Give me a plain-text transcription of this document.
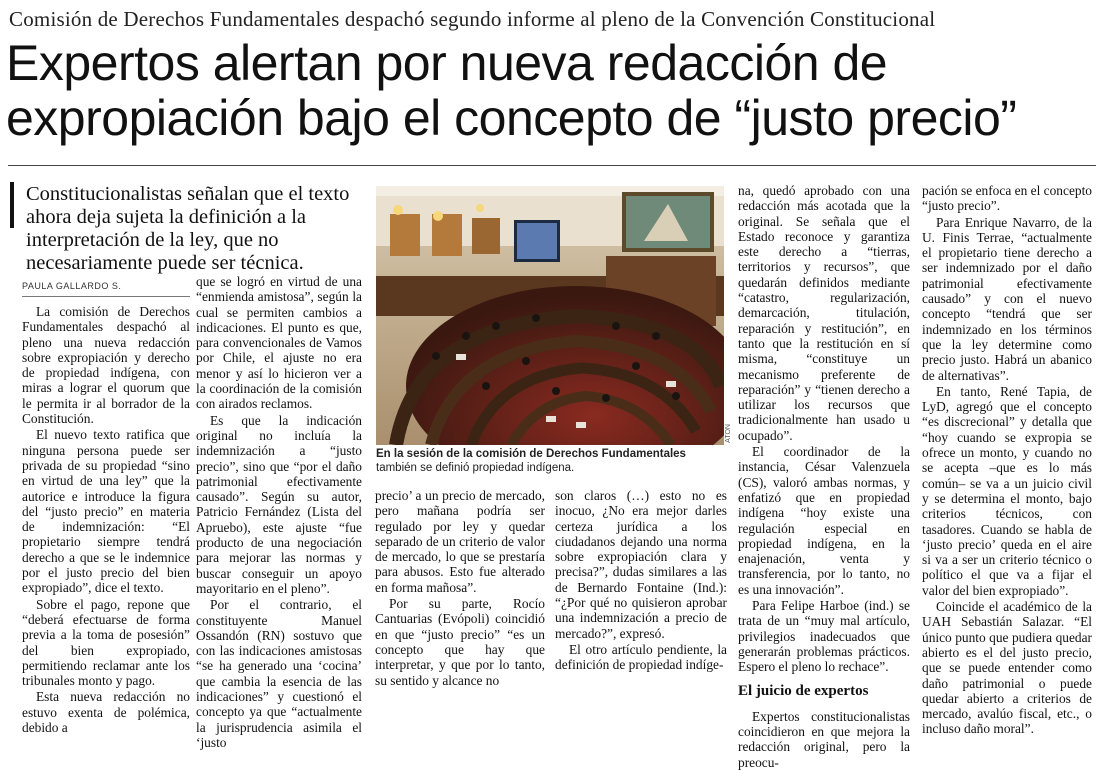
Comisión de Derechos Fundamentales despachó segundo informe al pleno de la Convención Constitucional
Expertos alertan por nueva redacción de
expropiación bajo el concepto de “justo precio”
Constitucionalistas señalan que el texto ahora deja sujeta la definición a la interpretación de la ley, que no necesariamente puede ser técnica.
PAULA GALLARDO S.

La comisión de Derechos Fundamentales despachó al pleno una nueva redacción sobre expropiación y derecho de propiedad indígena, con miras a lograr el quorum que le permita ir al borrador de la Constitución.

El nuevo texto ratifica que ninguna persona puede ser privada de su propiedad “sino en virtud de una ley” que la autorice e introduce la figura del “justo precio” en materia de indemnización: “El propietario siempre tendrá derecho a que se le indemnice por el justo precio del bien expropiado”, dice el texto.

Sobre el pago, repone que “deberá efectuarse de forma previa a la toma de posesión” del bien expropiado, permitiendo reclamar ante los tribunales monto y pago.

Esta nueva redacción no estuvo exenta de polémica, debido a

que se logró en virtud de una “enmienda amistosa”, según la cual se permiten cambios a indicaciones. El punto es que, para convencionales de Vamos por Chile, el ajuste no era menor y así lo hicieron ver a la coordinación de la comisión con airados reclamos.

Es que la indicación original no incluía la indemnización a “justo precio”, sino que “por el daño patrimonial efectivamente causado”. Según su autor, Patricio Fernández (Lista del Apruebo), este ajuste “fue producto de una negociación para mejorar las normas y buscar conseguir un apoyo mayoritario en el pleno”.

Por el contrario, el constituyente Manuel Ossandón (RN) sostuvo que con las indicaciones amistosas “se ha generado una ‘cocina’ que cambia la esencia de las indicaciones” y cuestionó el concepto ya que “actualmente la jurisprudencia asimila el ‘justo

ATON
En la sesión de la comisión de Derechos Fundamentales también se definió propiedad indígena.

precio’ a un precio de mercado, pero mañana podría ser regulado por ley y quedar separado de un criterio de valor de mercado, lo que se prestaría para abusos. Esto fue alterado en forma mañosa”.

Por su parte, Rocío Cantuarias (Evópoli) coincidió en que “justo precio” “es un concepto que hay que interpretar, y que por lo tanto, su sentido y alcance no

son claros (…) esto no es inocuo, ¿No era mejor darles certeza jurídica a los ciudadanos dejando una norma sobre expropiación clara y precisa?”, dudas similares a las de Bernardo Fontaine (Ind.): “¿Por qué no quisieron aprobar una indemnización a precio de mercado?”, expresó.

El otro artículo pendiente, la definición de propiedad indíge-

na, quedó aprobado con una redacción más acotada que la original. Se señala que el Estado reconoce y garantiza este derecho a “tierras, territorios y recursos”, que quedarán definidos mediante “catastro, regularización, demarcación, titulación, reparación y restitución”, en tanto que la restitución en sí misma, “constituye un mecanismo preferente de reparación” y “tienen derecho a utilizar los recursos que tradicionalmente han usado u ocupado”.

El coordinador de la instancia, César Valenzuela (CS), valoró ambas normas, y enfatizó que en propiedad indígena “hoy existe una regulación especial en propiedad indígena, en la enajenación, venta y transferencia, por lo tanto, no es una innovación”.

Para Felipe Harboe (ind.) se trata de un “muy mal artículo, privilegios inadecuados que generarán problemas prácticos. Espero el pleno lo rechace”.

El juicio de expertos

Expertos constitucionalistas coincidieron en que mejora la redacción original, pero la preocu-

pación se enfoca en el concepto “justo precio”.

Para Enrique Navarro, de la U. Finis Terrae, “actualmente el propietario tiene derecho a ser indemnizado por el daño patrimonial efectivamente causado” y con el nuevo concepto “tendrá que ser indemnizado en los términos que la ley determine como precio justo. Habrá un abanico de alternativas”.

En tanto, René Tapia, de LyD, agregó que el concepto “es discrecional” y detalla que “hoy cuando se expropia se ofrece un monto, y cuando no se acepta –que es lo más común– se va a un juicio civil y se determina el monto, bajo criterios técnicos, con tasadores. Cuando se habla de ‘justo precio’ queda en el aire si va a ser un criterio técnico o político el que va a fijar el valor del bien expropiado”.

Coincide el académico de la UAH Sebastián Salazar. “El único punto que pudiera quedar abierto es el del justo precio, que se puede entender como daño patrimonial o puede quedar abierto a criterios de mercado, avalúo fiscal, etc., o incluso daño moral”.
